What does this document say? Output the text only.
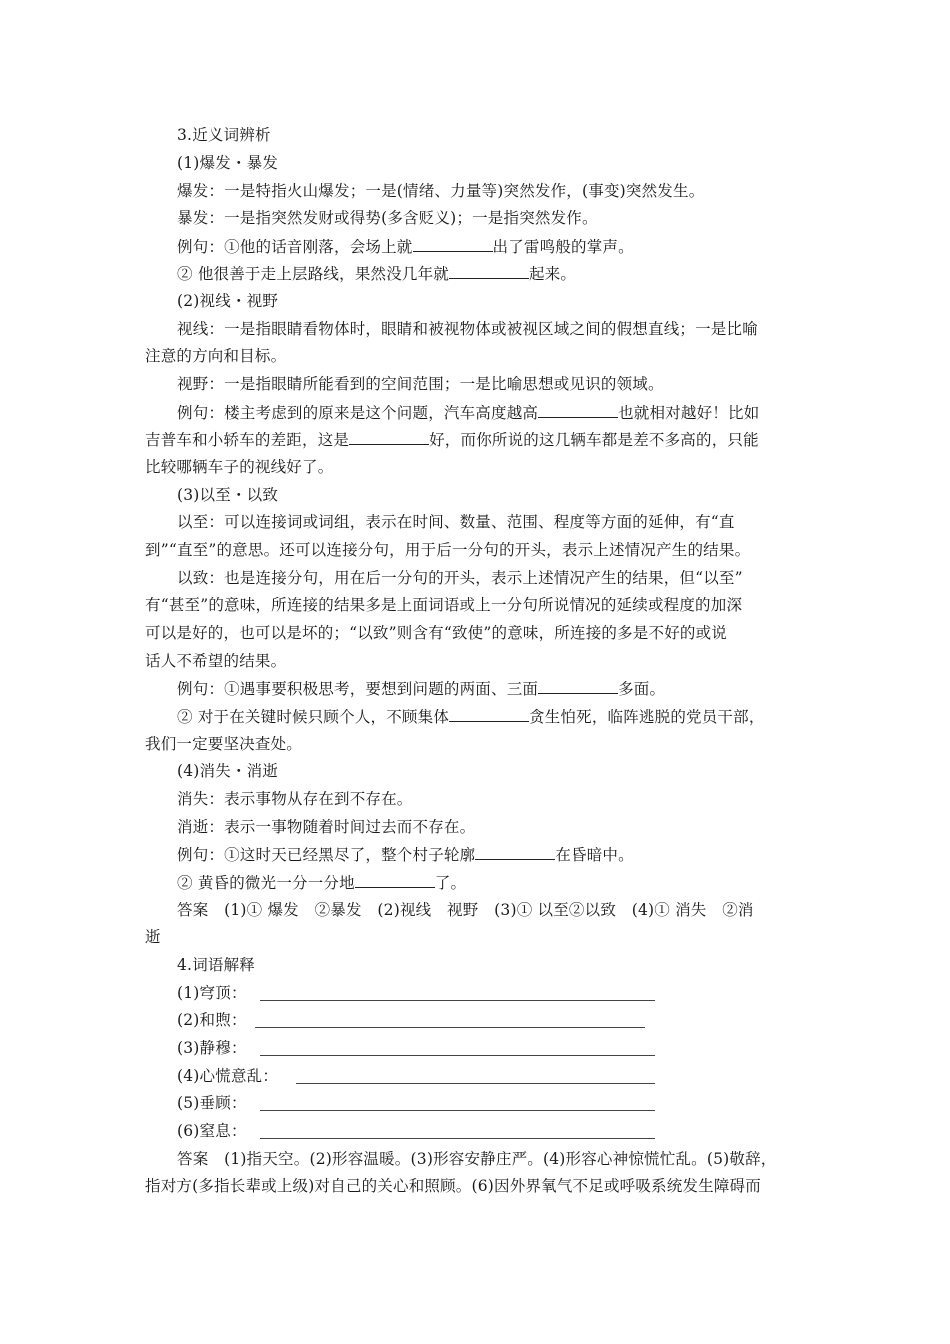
3.近义词辨析
(1)爆发・暴发
爆发：一是特指火山爆发；一是(情绪、力量等)突然发作，(事变)突然发生。
暴发：一是指突然发财或得势(多含贬义)；一是指突然发作。
例句：①他的话音刚落，会场上就	出了雷鸣般的掌声。
② 他很善于走上层路线，果然没几年就	起来。
(2)视线・视野
视线：一是指眼睛看物体时，眼睛和被视物体或被视区域之间的假想直线；一是比喻
注意的方向和目标。
视野：一是指眼睛所能看到的空间范围；一是比喻思想或见识的领域。
例句：楼主考虑到的原来是这个问题，汽车高度越高	也就相对越好！比如
吉普车和小轿车的差距，这是	好，而你所说的这几辆车都是差不多高的，只能
比较哪辆车子的视线好了。
(3)以至・以致
以至：可以连接词或词组，表示在时间、数量、范围、程度等方面的延伸，有“直
到”“直至”的意思。还可以连接分句，用于后一分句的开头，表示上述情况产生的结果。
以致：也是连接分句，用在后一分句的开头，表示上述情况产生的结果，但“以至”
有“甚至”的意味，所连接的结果多是上面词语或上一分句所说情况的延续或程度的加深
可以是好的，也可以是坏的；“以致”则含有“致使”的意味，所连接的多是不好的或说
话人不希望的结果。
例句：①遇事要积极思考，要想到问题的两面、三面	多面。
② 对于在关键时候只顾个人，不顾集体	贪生怕死，临阵逃脱的党员干部，
我们一定要坚决查处。
(4)消失・消逝
消失：表示事物从存在到不存在。
消逝：表示一事物随着时间过去而不存在。
例句：①这时天已经黑尽了，整个村子轮廓	在昏暗中。
② 黄昏的微光一分一分地	了。
答案　(1)① 爆发　②暴发　(2)视线　视野　(3)① 以至②以致　(4)① 消失　②消
逝
4.词语解释
(1)穹顶：
(2)和煦：
(3)静穆：
(4)心慌意乱：
(5)垂顾：
(6)窒息：
答案　(1)指天空。(2)形容温暖。(3)形容安静庄严。(4)形容心神惊慌忙乱。(5)敬辞，
指对方(多指长辈或上级)对自己的关心和照顾。(6)因外界氧气不足或呼吸系统发生障碍而
